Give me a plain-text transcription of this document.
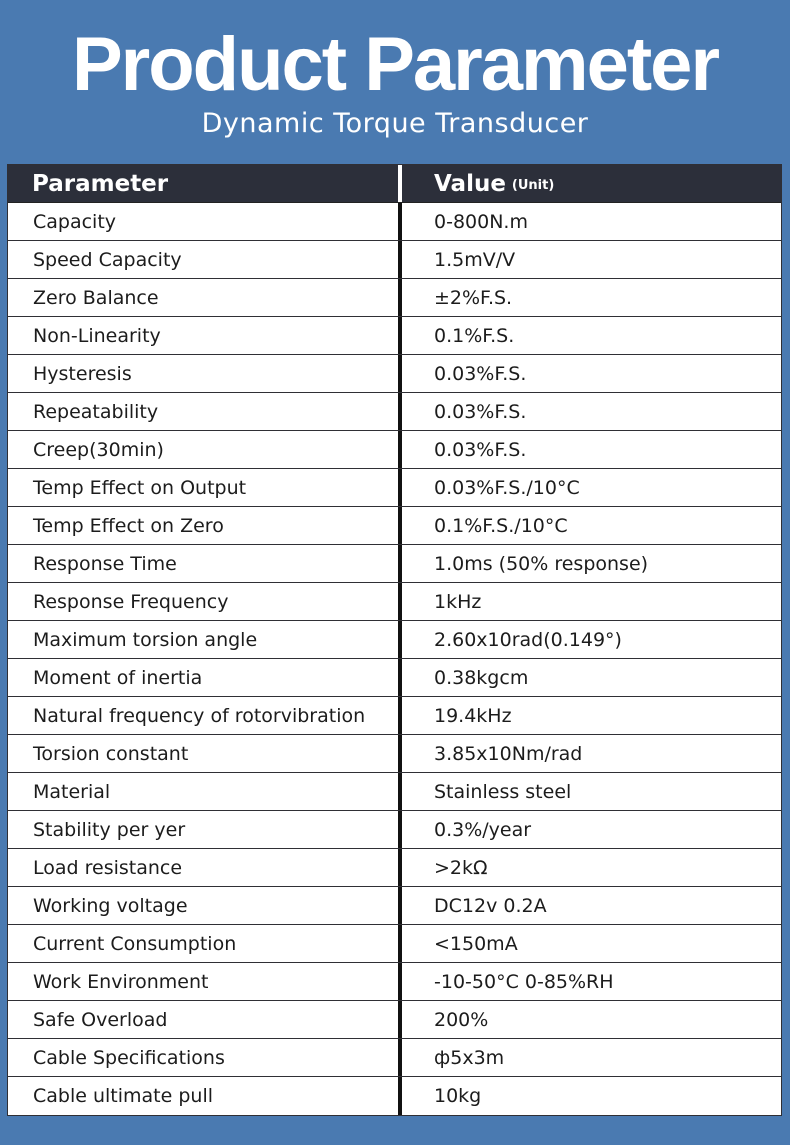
Product Parameter
Dynamic Torque Transducer
Parameter	Value (Unit)
Capacity	0-800N.m
Speed Capacity	1.5mV/V
Zero Balance	±2%F.S.
Non-Linearity	0.1%F.S.
Hysteresis	0.03%F.S.
Repeatability	0.03%F.S.
Creep(30min)	0.03%F.S.
Temp Effect on Output	0.03%F.S./10°C
Temp Effect on Zero	0.1%F.S./10°C
Response Time	1.0ms (50% response)
Response Frequency	1kHz
Maximum torsion angle	2.60x10rad(0.149°)
Moment of inertia	0.38kgcm
Natural frequency of rotorvibration	19.4kHz
Torsion constant	3.85x10Nm/rad
Material	Stainless steel
Stability per yer	0.3%/year
Load resistance	>2kΩ
Working voltage	DC12v 0.2A
Current Consumption	<150mA
Work Environment	-10-50°C 0-85%RH
Safe Overload	200%
Cable Specifications	ф5x3m
Cable ultimate pull	10kg
